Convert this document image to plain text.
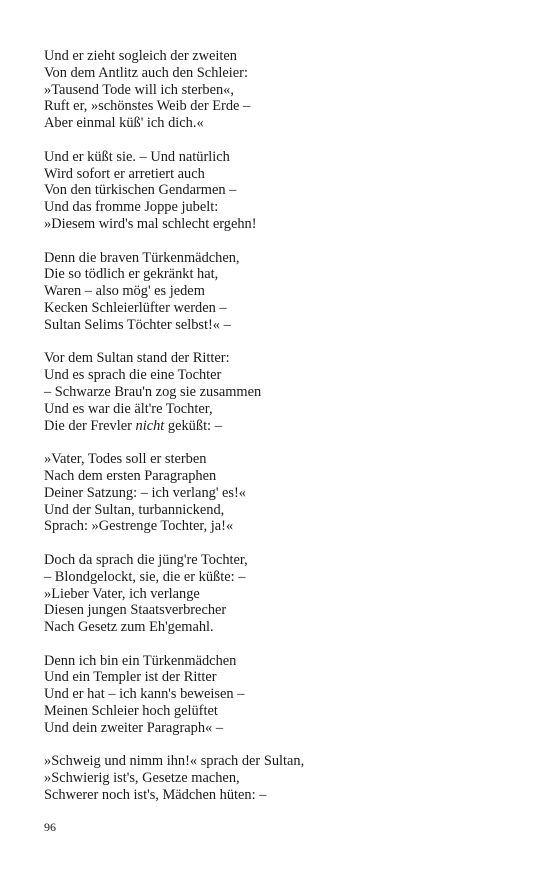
Und er zieht sogleich der zweiten
Von dem Antlitz auch den Schleier:
»Tausend Tode will ich sterben«,
Ruft er, »schönstes Weib der Erde –
Aber einmal küß' ich dich.«
Und er küßt sie. – Und natürlich
Wird sofort er arretiert auch
Von den türkischen Gendarmen –
Und das fromme Joppe jubelt:
»Diesem wird's mal schlecht ergehn!
Denn die braven Türkenmädchen,
Die so tödlich er gekränkt hat,
Waren – also mög' es jedem
Kecken Schleierlüfter werden –
Sultan Selims Töchter selbst!« –
Vor dem Sultan stand der Ritter:
Und es sprach die eine Tochter
– Schwarze Brau'n zog sie zusammen
Und es war die ält're Tochter,
Die der Frevler nicht geküßt: –
»Vater, Todes soll er sterben
Nach dem ersten Paragraphen
Deiner Satzung: – ich verlang' es!«
Und der Sultan, turbannickend,
Sprach: »Gestrenge Tochter, ja!«
Doch da sprach die jüng're Tochter,
– Blondgelockt, sie, die er küßte: –
»Lieber Vater, ich verlange
Diesen jungen Staatsverbrecher
Nach Gesetz zum Eh'gemahl.
Denn ich bin ein Türkenmädchen
Und ein Templer ist der Ritter
Und er hat – ich kann's beweisen –
Meinen Schleier hoch gelüftet
Und dein zweiter Paragraph« –
»Schweig und nimm ihn!« sprach der Sultan,
»Schwierig ist's, Gesetze machen,
Schwerer noch ist's, Mädchen hüten: –
96
